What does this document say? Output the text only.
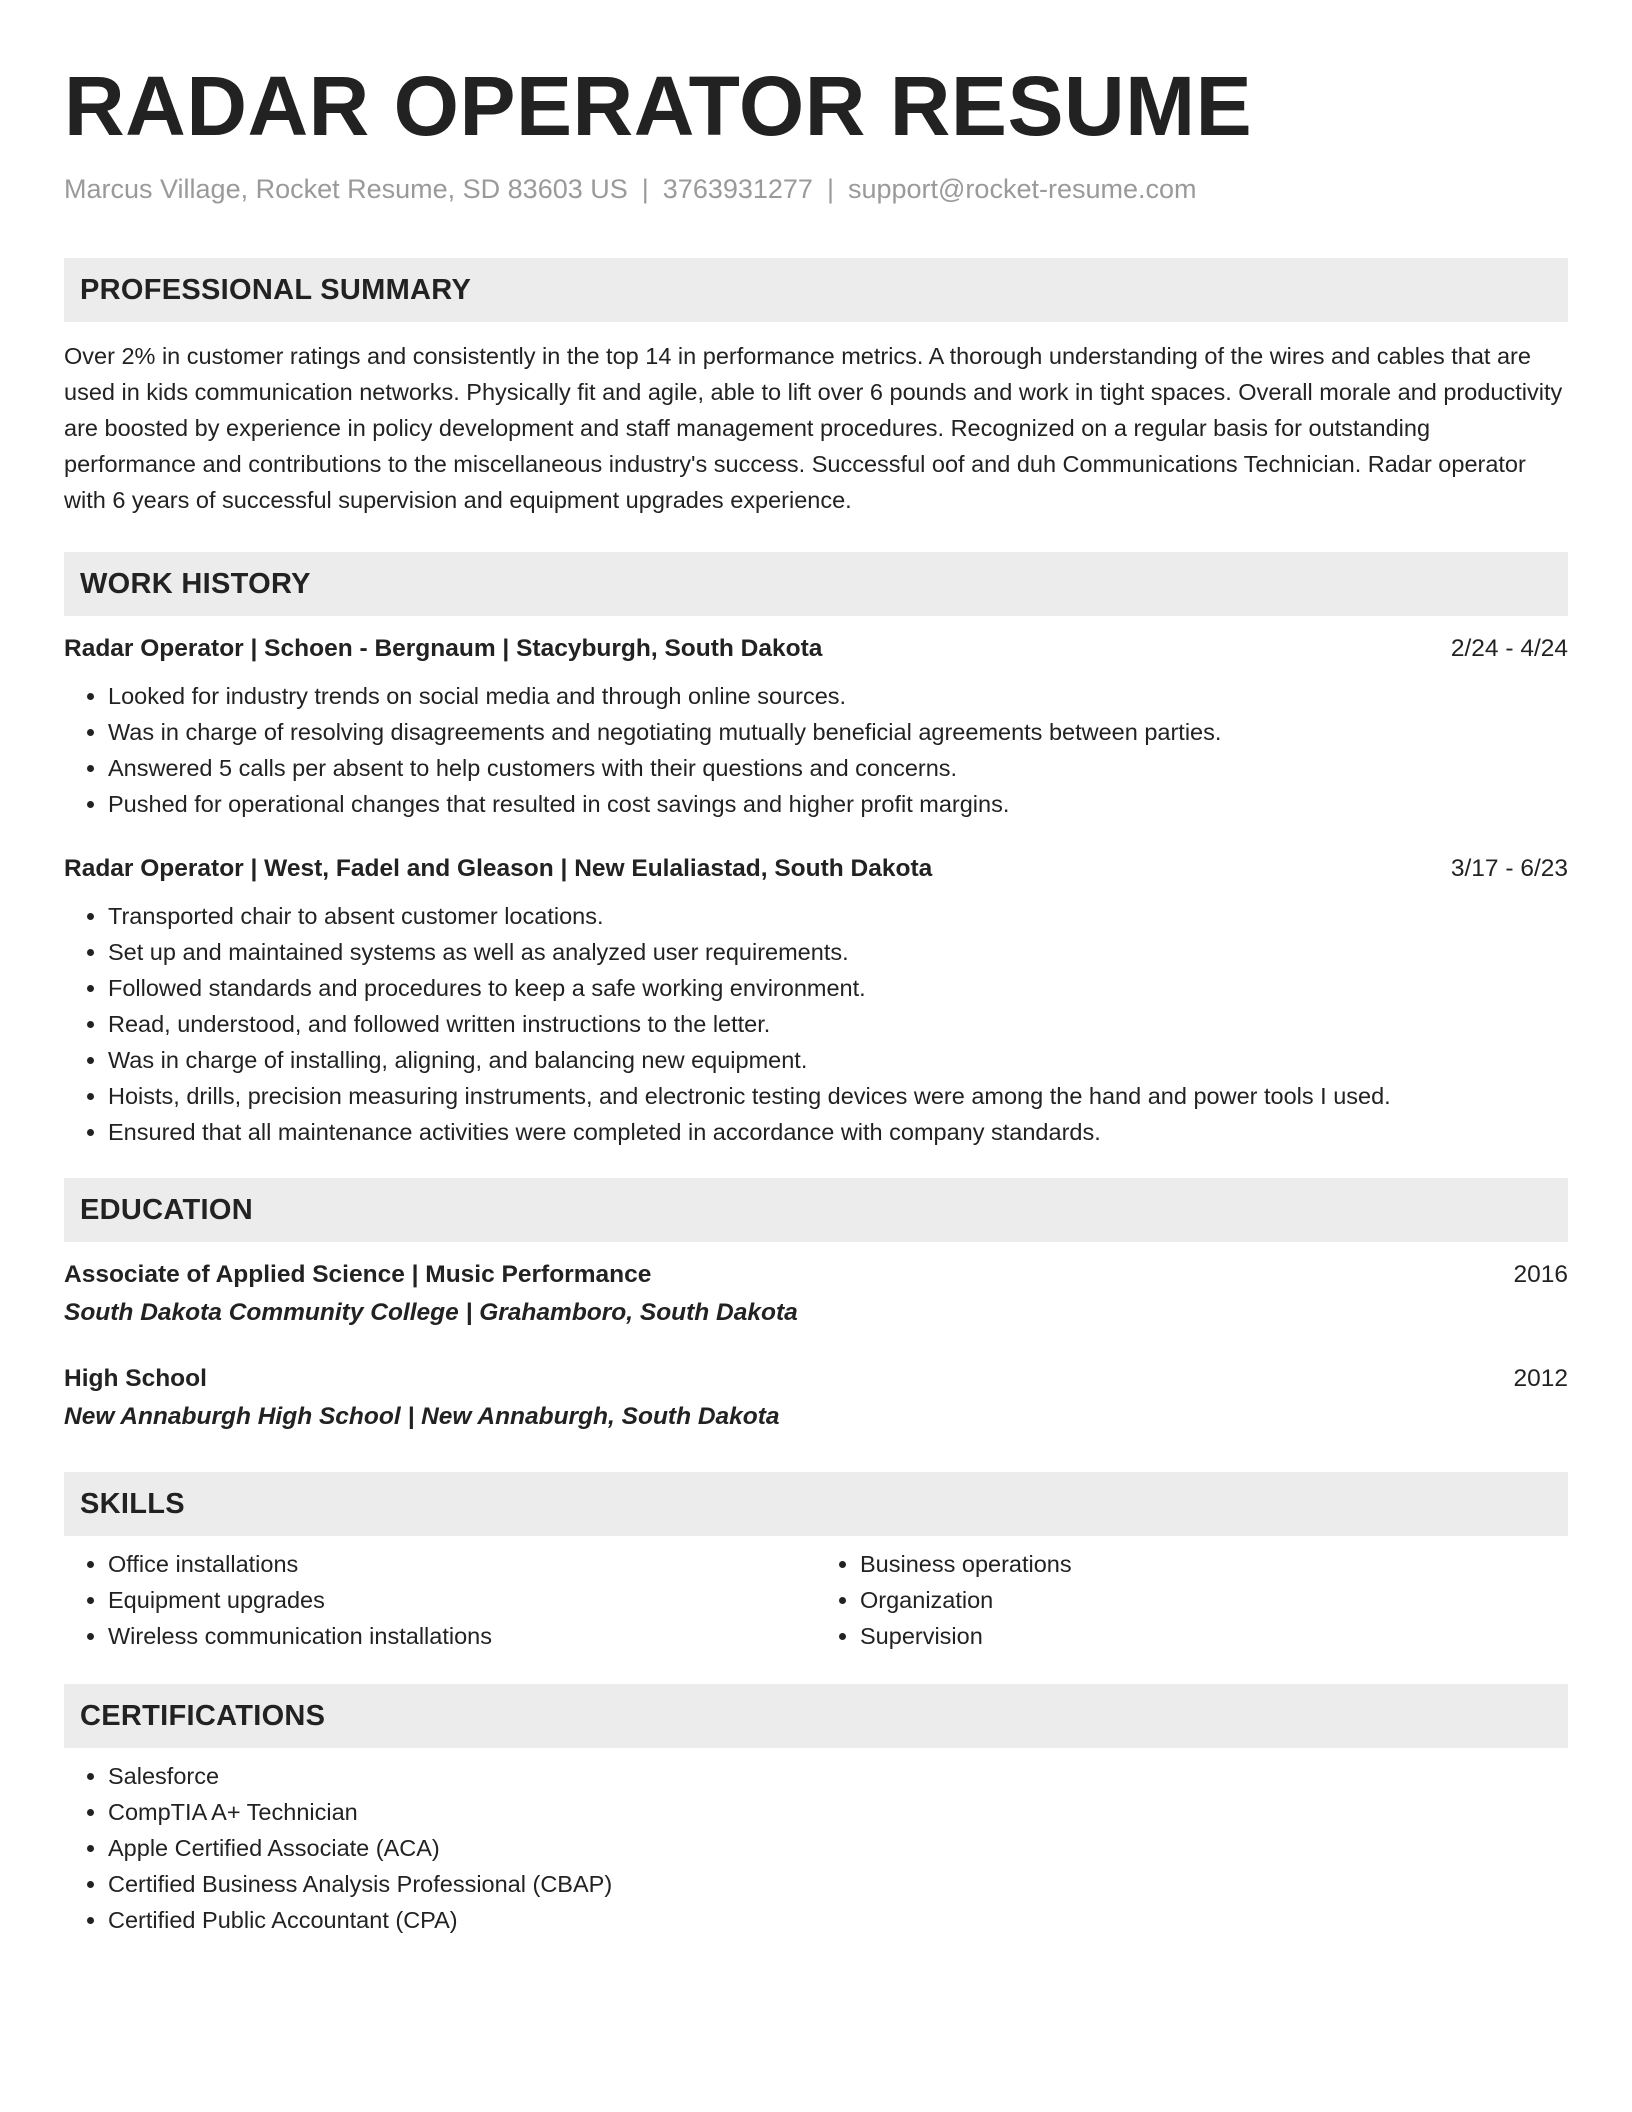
RADAR OPERATOR RESUME
Marcus Village, Rocket Resume, SD 83603 US | 3763931277 | support@rocket-resume.com
PROFESSIONAL SUMMARY

Over 2% in customer ratings and consistently in the top 14 in performance metrics. A thorough understanding of the wires and cables that are used in kids communication networks. Physically fit and agile, able to lift over 6 pounds and work in tight spaces. Overall morale and productivity are boosted by experience in policy development and staff management procedures. Recognized on a regular basis for outstanding performance and contributions to the miscellaneous industry's success. Successful oof and duh Communications Technician. Radar operator with 6 years of successful supervision and equipment upgrades experience.

WORK HISTORY
Radar Operator | Schoen - Bergnaum | Stacyburgh, South Dakota	2/24 - 4/24
• Looked for industry trends on social media and through online sources.
• Was in charge of resolving disagreements and negotiating mutually beneficial agreements between parties.
• Answered 5 calls per absent to help customers with their questions and concerns.
• Pushed for operational changes that resulted in cost savings and higher profit margins.
Radar Operator | West, Fadel and Gleason | New Eulaliastad, South Dakota	3/17 - 6/23
• Transported chair to absent customer locations.
• Set up and maintained systems as well as analyzed user requirements.
• Followed standards and procedures to keep a safe working environment.
• Read, understood, and followed written instructions to the letter.
• Was in charge of installing, aligning, and balancing new equipment.
• Hoists, drills, precision measuring instruments, and electronic testing devices were among the hand and power tools I used.
• Ensured that all maintenance activities were completed in accordance with company standards.
EDUCATION
Associate of Applied Science | Music Performance	2016
South Dakota Community College | Grahamboro, South Dakota
High School	2012
New Annaburgh High School | New Annaburgh, South Dakota
SKILLS
• Office installations
• Equipment upgrades
• Wireless communication installations
• Business operations
• Organization
• Supervision
CERTIFICATIONS
• Salesforce
• CompTIA A+ Technician
• Apple Certified Associate (ACA)
• Certified Business Analysis Professional (CBAP)
• Certified Public Accountant (CPA)
